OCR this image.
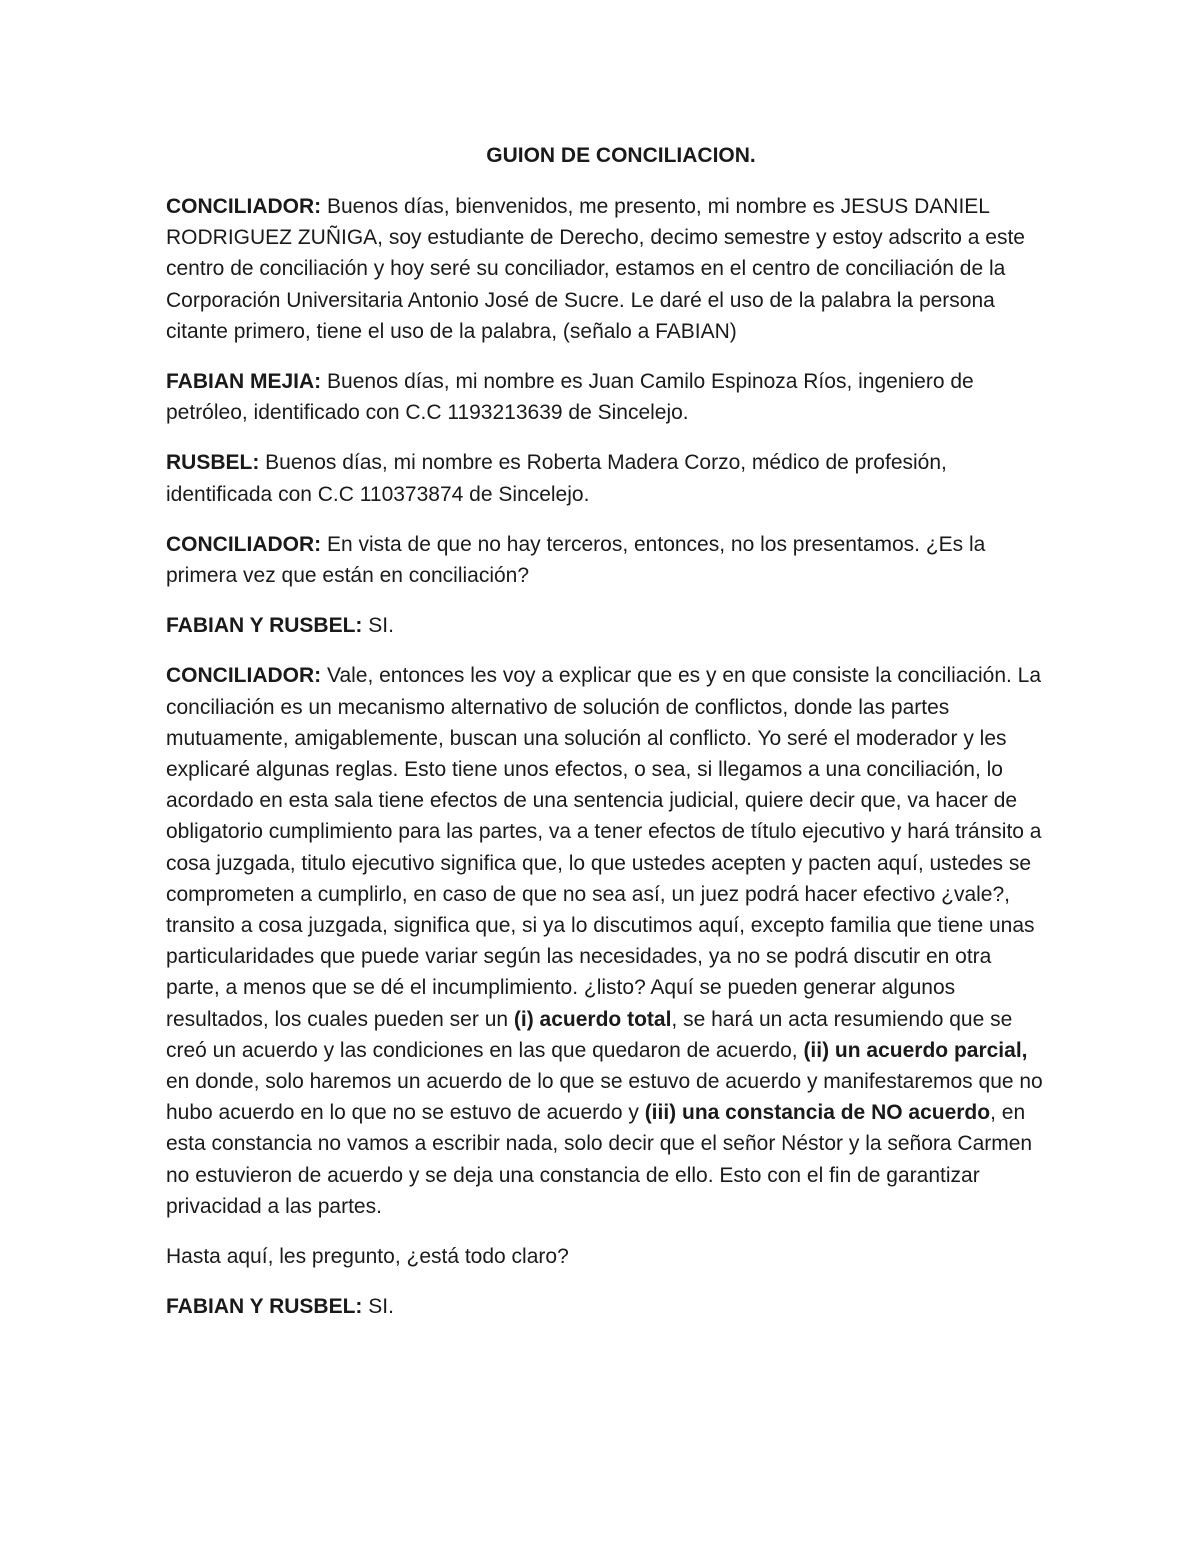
GUION DE CONCILIACION.

CONCILIADOR: Buenos días, bienvenidos, me presento, mi nombre es JESUS DANIEL RODRIGUEZ ZUÑIGA, soy estudiante de Derecho, decimo semestre y estoy adscrito a este centro de conciliación y hoy seré su conciliador, estamos en el centro de conciliación de la Corporación Universitaria Antonio José de Sucre. Le daré el uso de la palabra la persona citante primero, tiene el uso de la palabra, (señalo a FABIAN)

FABIAN MEJIA: Buenos días, mi nombre es Juan Camilo Espinoza Ríos, ingeniero de petróleo, identificado con C.C 1193213639 de Sincelejo.

RUSBEL: Buenos días, mi nombre es Roberta Madera Corzo, médico de profesión, identificada con C.C 110373874 de Sincelejo.

CONCILIADOR: En vista de que no hay terceros, entonces, no los presentamos. ¿Es la primera vez que están en conciliación?

FABIAN Y RUSBEL: SI.

CONCILIADOR: Vale, entonces les voy a explicar que es y en que consiste la conciliación. La conciliación es un mecanismo alternativo de solución de conflictos, donde las partes mutuamente, amigablemente, buscan una solución al conflicto. Yo seré el moderador y les explicaré algunas reglas. Esto tiene unos efectos, o sea, si llegamos a una conciliación, lo acordado en esta sala tiene efectos de una sentencia judicial, quiere decir que, va hacer de obligatorio cumplimiento para las partes, va a tener efectos de título ejecutivo y hará tránsito a cosa juzgada, titulo ejecutivo significa que, lo que ustedes acepten y pacten aquí, ustedes se comprometen a cumplirlo, en caso de que no sea así, un juez podrá hacer efectivo ¿vale?, transito a cosa juzgada, significa que, si ya lo discutimos aquí, excepto familia que tiene unas particularidades que puede variar según las necesidades, ya no se podrá discutir en otra parte, a menos que se dé el incumplimiento. ¿listo? Aquí se pueden generar algunos resultados, los cuales pueden ser un (i) acuerdo total, se hará un acta resumiendo que se creó un acuerdo y las condiciones en las que quedaron de acuerdo, (ii) un acuerdo parcial, en donde, solo haremos un acuerdo de lo que se estuvo de acuerdo y manifestaremos que no hubo acuerdo en lo que no se estuvo de acuerdo y (iii) una constancia de NO acuerdo, en esta constancia no vamos a escribir nada, solo decir que el señor Néstor y la señora Carmen no estuvieron de acuerdo y se deja una constancia de ello. Esto con el fin de garantizar privacidad a las partes.

Hasta aquí, les pregunto, ¿está todo claro?

FABIAN Y RUSBEL: SI.
